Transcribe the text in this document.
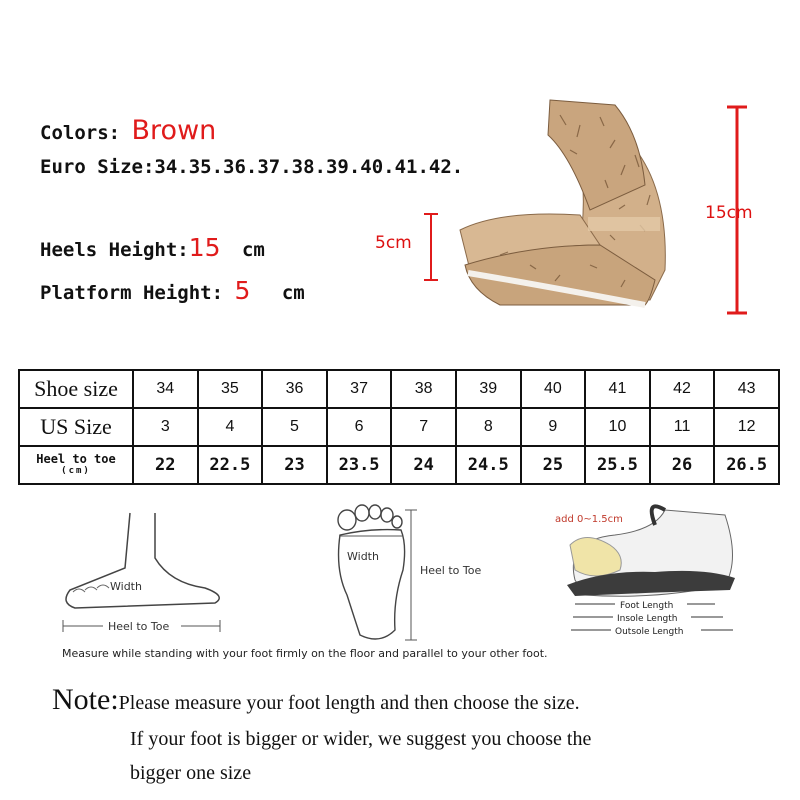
Colors: Brown
Euro Size:34.35.36.37.38.39.40.41.42.
Heels Height:15 cm
Platform Height: 5 cm
5cm
15cm
Shoe size	34	35	36	37	38	39	40	41	42	43
US Size	3	4	5	6	7	8	9	10	11	12

Heel to toe
(cm)	22	22.5	23	23.5	24	24.5	25	25.5	26	26.5
Width
Heel to Toe
Width
Heel to Toe
add 0~1.5cm
Foot Length
Insole Length
Outsole Length
Measure while standing with your foot firmly on the floor and parallel to your other foot.
Note:Please measure your foot length and then choose the size.
If your foot is bigger or wider, we suggest you choose the
bigger one size
